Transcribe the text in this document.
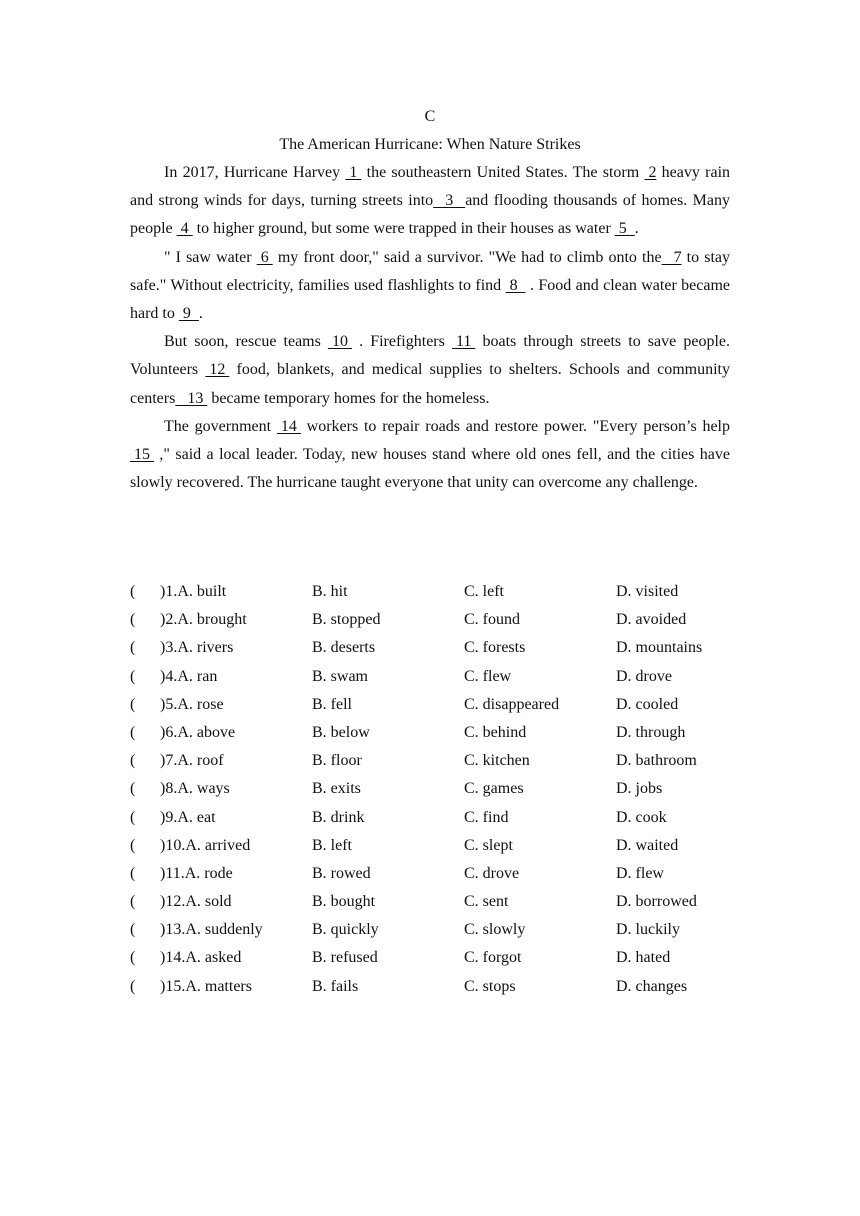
C
The American Hurricane: When Nature Strikes

In 2017, Hurricane Harvey  1  the southeastern United States. The storm  2 heavy rain and strong winds for days, turning streets into   3   and flooding thousands of homes. Many people  4  to higher ground, but some were trapped in their houses as water  5  .

" I saw water  6  my front door," said a survivor. "We had to climb onto the   7 to stay safe." Without electricity, families used flashlights to find  8   . Food and clean water became hard to  9  .

But soon, rescue teams  10  . Firefighters  11  boats through streets to save people. Volunteers  12  food, blankets, and medical supplies to shelters. Schools and community centers   13  became temporary homes for the homeless.

The government  14  workers to repair roads and restore power. "Every person’s help  15  ," said a local leader. Today, new houses stand where old ones fell, and the cities have slowly recovered. The hurricane taught everyone that unity can overcome any challenge.

( )1.A. built	B. hit	C. left	D. visited
( )2.A. brought	B. stopped	C. found	D. avoided
( )3.A. rivers	B. deserts	C. forests	D. mountains
( )4.A. ran	B. swam	C. flew	D. drove
( )5.A. rose	B. fell	C. disappeared	D. cooled
( )6.A. above	B. below	C. behind	D. through
( )7.A. roof	B. floor	C. kitchen	D. bathroom
( )8.A. ways	B. exits	C. games	D. jobs
( )9.A. eat	B. drink	C. find	D. cook
( )10.A. arrived	B. left	C. slept	D. waited
( )11.A. rode	B. rowed	C. drove	D. flew
( )12.A. sold	B. bought	C. sent	D. borrowed
( )13.A. suddenly	B. quickly	C. slowly	D. luckily
( )14.A. asked	B. refused	C. forgot	D. hated
( )15.A. matters	B. fails	C. stops	D. changes
